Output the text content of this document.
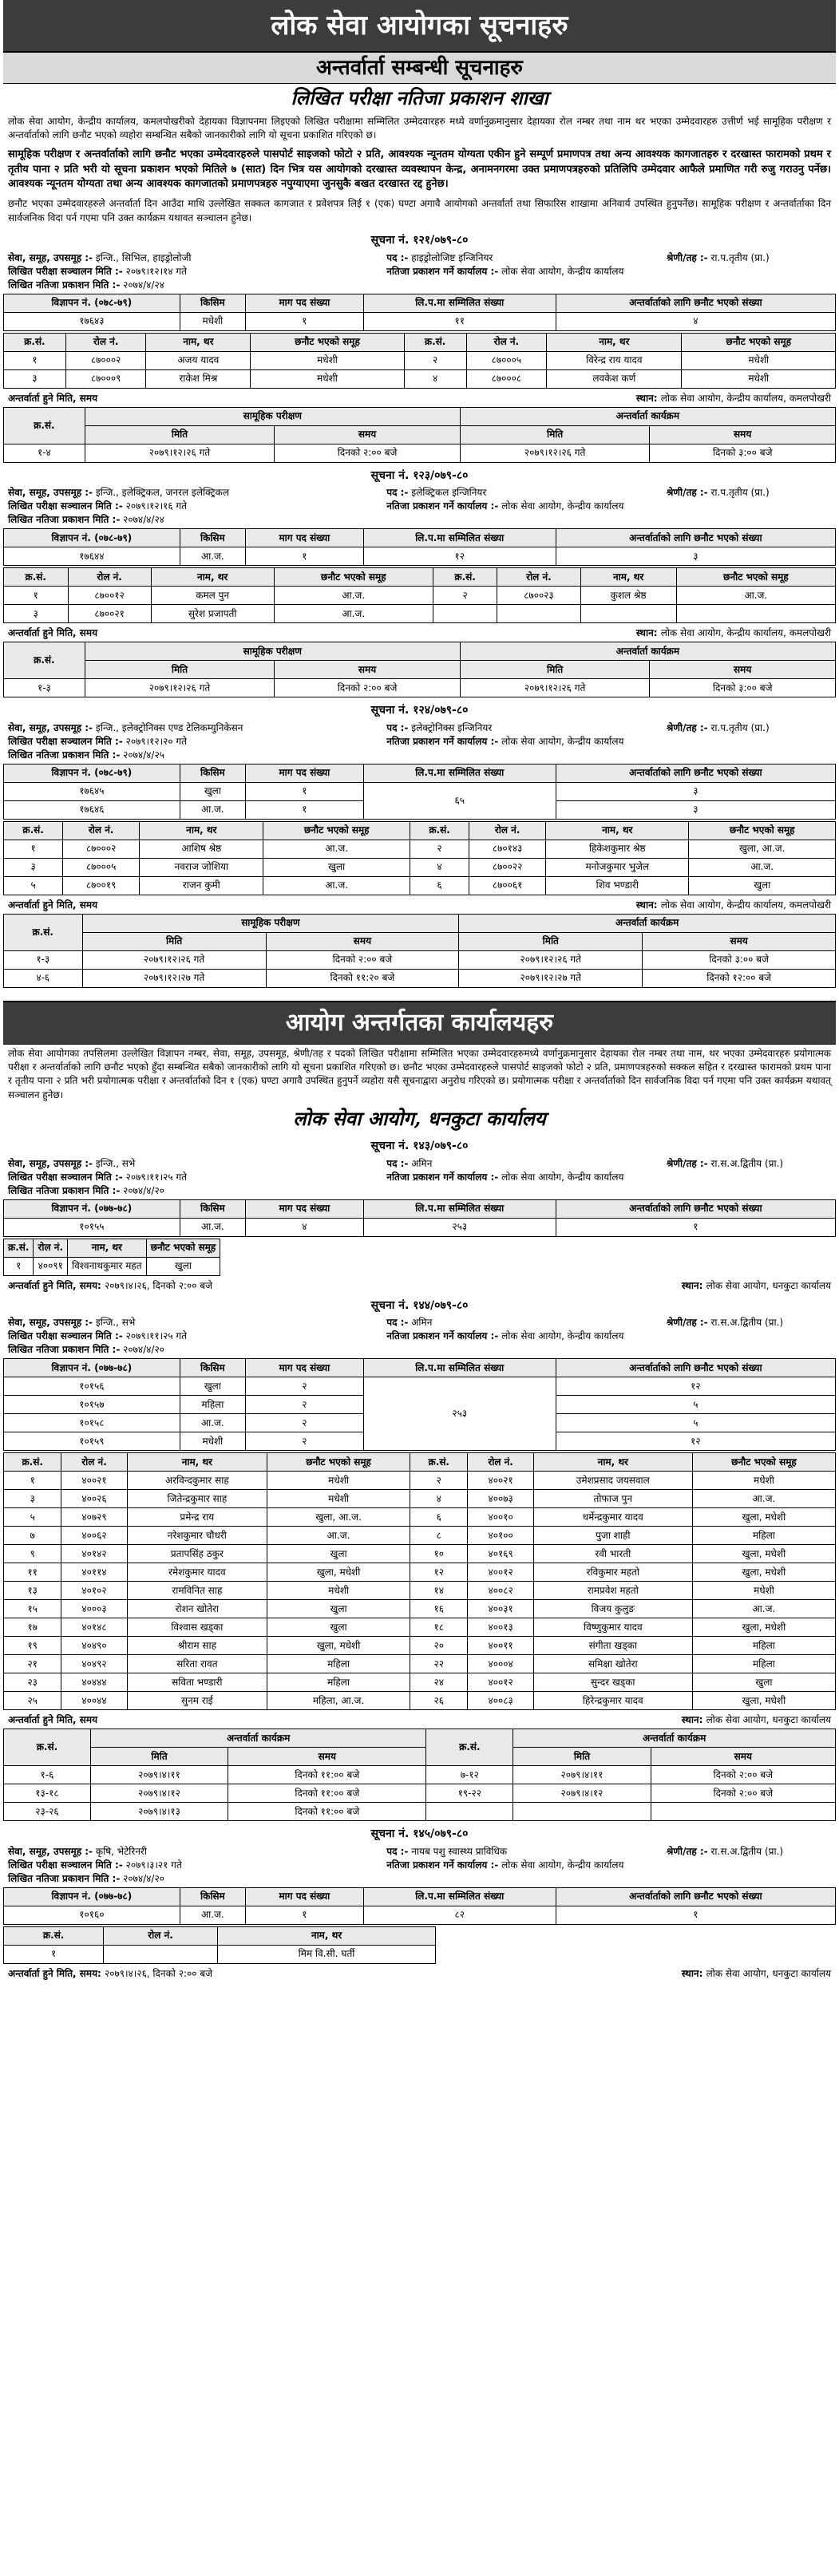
लोक सेवा आयोगका सूचनाहरु
अन्तर्वार्ता सम्बन्धी सूचनाहरु
लिखित परीक्षा नतिजा प्रकाशन शाखा
लोक सेवा आयोग, केन्द्रीय कार्यालय, कमलपोखरीको देहायका विज्ञापनमा लिइएको लिखित परीक्षामा सम्मिलित उम्मेदवारहरु मध्ये वर्णानुक्रमानुसार देहायका रोल नम्बर तथा नाम थर भएका उम्मेदवारहरु उत्तीर्ण भई सामूहिक परीक्षण र अन्तर्वार्ताको लागि छनौट भएको व्यहोरा सम्बन्धित सबैको जानकारीको लागि यो सूचना प्रकाशित गरिएको छ।
सामूहिक परीक्षण र अन्तर्वार्ताको लागि छनौट भएका उम्मेदवारहरुले पासपोर्ट साइजको फोटो २ प्रति, आवश्यक न्यूनतम योग्यता एकीन हुने सम्पूर्ण प्रमाणपत्र तथा अन्य आवश्यक कागजातहरु र दरखास्त फारामको प्रथम र तृतीय पाना २ प्रति भरी यो सूचना प्रकाशन भएको मितिले ७ (सात) दिन भित्र यस आयोगको दरखास्त व्यवस्थापन केन्द्र, अनामनगरमा उक्त प्रमाणपत्रहरुको प्रतिलिपि उम्मेदवार आफैले प्रमाणित गरी रुजु गराउनु पर्नेछ। आवश्यक न्यूनतम योग्यता तथा अन्य आवश्यक कागजातको प्रमाणपत्रहरु नपुग्याएमा जुनसुकै बखत दरखास्त रद्द हुनेछ।
छनौट भएका उम्मेदवारहरुले अन्तर्वार्ता दिन आउँदा माथि उल्लेखित सक्कल कागजात र प्रवेशपत्र लिई १ (एक) घण्टा अगावै आयोगको अन्तर्वार्ता तथा सिफारिस शाखामा अनिवार्य उपस्थित हुनुपर्नेछ। सामूहिक परीक्षण र अन्तर्वार्ताका दिन सार्वजनिक विदा पर्न गएमा पनि उक्त कार्यक्रम यथावत सञ्चालन हुनेछ।
सूचना नं. १२१/०७९-८०
सेवा, समूह, उपसमूह :- इन्जि., सिभिल, हाइड्रोलोजी	पद :- हाइड्रोलोजिष्ट इन्जिनियर	श्रेणी/तह :- रा.प.तृतीय (प्रा.)
लिखित परीक्षा सञ्चालन मिति :- २०७९।१२।१४ गते	नतिजा प्रकाशन गर्ने कार्यालय :- लोक सेवा आयोग, केन्द्रीय कार्यालय
लिखित नतिजा प्रकाशन मिति :- २०७४/४/२४
विज्ञापन नं. (०७८-७९)	किसिम	माग पद संख्या	लि.प.मा सम्मिलित संख्या	अन्तर्वार्ताको लागि छनौट भएको संख्या
१७६४३	मधेशी	१	११	४
क्र.सं.	रोल नं.	नाम, थर	छनौट भएको समूह	क्र.सं.	रोल नं.	नाम, थर	छनौट भएको समूह
१	८७०००२	अजय यादव	मधेशी	२	८७०००५	विरेन्द्र राय यादव	मधेशी
३	८७०००९	राकेश मिश्र	मधेशी	४	८७०००८	लवकेश कर्ण	मधेशी
अन्तर्वार्ता हुने मिति, समय	स्थान: लोक सेवा आयोग, केन्द्रीय कार्यालय, कमलपोखरी
क्र.सं.	सामूहिक परीक्षण		अन्तर्वार्ता कार्यक्रम	
	मिति	समय	मिति	समय
१-४	२०७९।१२।२६ गते	दिनको २:०० बजे	२०७९।१२।२६ गते	दिनको ३:०० बजे
सूचना नं. १२३/०७९-८०
सेवा, समूह, उपसमूह :- इन्जि., इलेक्ट्रिकल, जनरल इलेक्ट्रिकल	पद :- इलेक्ट्रिकल इन्जिनियर	श्रेणी/तह :- रा.प.तृतीय (प्रा.)
लिखित परीक्षा सञ्चालन मिति :- २०७९।१२।१६ गते	नतिजा प्रकाशन गर्ने कार्यालय :- लोक सेवा आयोग, केन्द्रीय कार्यालय
लिखित नतिजा प्रकाशन मिति :- २०७४/४/२४
विज्ञापन नं. (०७८-७९)	किसिम	माग पद संख्या	लि.प.मा सम्मिलित संख्या	अन्तर्वार्ताको लागि छनौट भएको संख्या
१७६४४	आ.ज.	१	१२	३
क्र.सं.	रोल नं.	नाम, थर	छनौट भएको समूह	क्र.सं.	रोल नं.	नाम, थर	छनौट भएको समूह
१	८७००१२	कमल पुन	आ.ज.	२	८७००२३	कुशल श्रेष्ठ	आ.ज.
३	८७००२१	सुरेश प्रजापती	आ.ज.				
अन्तर्वार्ता हुने मिति, समय	स्थान: लोक सेवा आयोग, केन्द्रीय कार्यालय, कमलपोखरी
क्र.सं.	सामूहिक परीक्षण		अन्तर्वार्ता कार्यक्रम	
	मिति	समय	मिति	समय
१-३	२०७९।१२।२६ गते	दिनको २:०० बजे	२०७९।१२।२६ गते	दिनको ३:०० बजे
सूचना नं. १२४/०७९-८०
सेवा, समूह, उपसमूह :- इन्जि., इलेक्ट्रोनिक्स एण्ड टेलिकम्युनिकेसन	पद :- इलेक्ट्रोनिक्स इन्जिनियर	श्रेणी/तह :- रा.प.तृतीय (प्रा.)
लिखित परीक्षा सञ्चालन मिति :- २०७९।१२।२० गते	नतिजा प्रकाशन गर्ने कार्यालय :- लोक सेवा आयोग, केन्द्रीय कार्यालय
लिखित नतिजा प्रकाशन मिति :- २०७४/४/२५
विज्ञापन नं. (०७८-७९)	किसिम	माग पद संख्या	लि.प.मा सम्मिलित संख्या	अन्तर्वार्ताको लागि छनौट भएको संख्या
१७६४५	खुला	१	६५	३
१७६४६	आ.ज.	१		३
क्र.सं.	रोल नं.	नाम, थर	छनौट भएको समूह	क्र.सं.	रोल नं.	नाम, थर	छनौट भएको समूह
१	८७०००२	आशिष श्रेष्ठ	आ.ज.	२	८७०१४३	हिकेशकुमार श्रेष्ठ	खुला, आ.ज.
३	८७०००५	नवराज जोशिया	खुला	४	८७००२२	मनोजकुमार भुजेल	आ.ज.
५	८७००१९	राजन कुमी	आ.ज.	६	८७००६१	शिव भण्डारी	खुला
अन्तर्वार्ता हुने मिति, समय	स्थान: लोक सेवा आयोग, केन्द्रीय कार्यालय, कमलपोखरी
क्र.सं.	सामूहिक परीक्षण		अन्तर्वार्ता कार्यक्रम	
	मिति	समय	मिति	समय
१-३	२०७९।१२।२६ गते	दिनको २:०० बजे	२०७९।१२।२६ गते	दिनको ३:०० बजे
४-६	२०७९।१२।२७ गते	दिनको ११:२० बजे	२०७९।१२।२७ गते	दिनको १२:०० बजे
आयोग अन्तर्गतका कार्यालयहरु
लोक सेवा आयोगका तपसिलमा उल्लेखित विज्ञापन नम्बर, सेवा, समूह, उपसमूह, श्रेणी/तह र पदको लिखित परीक्षामा सम्मिलित भएका उम्मेदवारहरुमध्ये वर्णानुक्रमानुसार देहायका रोल नम्बर तथा नाम, थर भएका उम्मेदवारहरु प्रयोगात्मक परीक्षा र अन्तर्वार्ताको लागि छनौट भएको हुँदा सम्बन्धित सबैको जानकारीको लागि यो सूचना प्रकाशित गरिएको छ। छनौट भएका उम्मेदवारहरुले पासपोर्ट साइजको फोटो २ प्रति, प्रमाणपत्रहरुको सक्कल सहित र दरखास्त फारामको प्रथम पाना र तृतीय पाना २ प्रति भरी प्रयोगात्मक परीक्षा र अन्तर्वार्ताको दिन १ (एक) घण्टा अगावै उपस्थित हुनुपर्ने व्यहोरा यसै सूचनाद्वारा अनुरोध गरिएको छ। प्रयोगात्मक परीक्षा र अन्तर्वार्ताको दिन सार्वजनिक विदा पर्न गएमा पनि उक्त कार्यक्रम यथावत् सञ्चालन हुनेछ।
लोक सेवा आयोग, धनकुटा कार्यालय
सूचना नं. १४३/०७९-८०
सेवा, समूह, उपसमूह :- इन्जि., सभे	पद :- अमिन	श्रेणी/तह :- रा.स.अ.द्वितीय (प्रा.)
लिखित परीक्षा सञ्चालन मिति :- २०७९।११।२५ गते	नतिजा प्रकाशन गर्ने कार्यालय :- लोक सेवा आयोग, केन्द्रीय कार्यालय
लिखित नतिजा प्रकाशन मिति :- २०७४/४/२०
विज्ञापन नं. (०७७-७८)	किसिम	माग पद संख्या	लि.प.मा सम्मिलित संख्या	अन्तर्वार्ताको लागि छनौट भएको संख्या
१०१५५	आ.ज.	४	२५३	१
क्र.सं.	रोल नं.	नाम, थर	छनौट भएको समूह
१	४००९१	विश्वनाथकुमार महत	खुला
अन्तर्वार्ता हुने मिति, समय: २०७९।४।२६, दिनको २:०० बजे	स्थान: लोक सेवा आयोग, धनकुटा कार्यालय
सूचना नं. १४४/०७९-८०
सेवा, समूह, उपसमूह :- इन्जि., सभे	पद :- अमिन	श्रेणी/तह :- रा.स.अ.द्वितीय (प्रा.)
लिखित परीक्षा सञ्चालन मिति :- २०७९।११।२५ गते	नतिजा प्रकाशन गर्ने कार्यालय :- लोक सेवा आयोग, केन्द्रीय कार्यालय
लिखित नतिजा प्रकाशन मिति :- २०७४/४/२०
विज्ञापन नं. (०७७-७८)	किसिम	माग पद संख्या	लि.प.मा सम्मिलित संख्या	अन्तर्वार्ताको लागि छनौट भएको संख्या
१०१५६	खुला	२	२५३	१२
१०१५७	महिला	२		५
१०१५८	आ.ज.	२		५
१०१५९	मधेशी	२		१२
क्र.सं.	रोल नं.	नाम, थर	छनौट भएको समूह	क्र.सं.	रोल नं.	नाम, थर	छनौट भएको समूह
१	४००२१	अरविन्दकुमार साह	मधेशी	२	४००२१	उमेशप्रसाद जयसवाल	मधेशी
३	४००२६	जितेन्द्रकुमार साह	मधेशी	४	४००७३	तोफाज पुन	आ.ज.
५	४०७२९	प्रमेन्द्र राय	खुला, आ.ज.	६	४००१०	धर्मेन्द्रकुमार यादव	खुला, मधेशी
७	४००६२	नरेशकुमार चौधरी	आ.ज.	८	४०१००	पुजा शाही	महिला
९	४०१४२	प्रतापसिंह ठकुर	खुला	१०	४०१६९	रवी भारती	खुला, मधेशी
११	४०११४	रमेशकुमार यादव	खुला, मधेशी	१२	४००१२	रविकुमार महतो	खुला, मधेशी
१३	४०१०२	रामविनित साह	मधेशी	१४	४००८२	रामप्रवेश महतो	मधेशी
१५	४०००३	रोशन खोतेरा	खुला	१६	४००३१	विजय कुलुङ	आ.ज.
१७	४०१४८	विश्वास खड्का	खुला	१८	४००१३	विष्णुकुमार यादव	खुला, मधेशी
१९	४०४९०	श्रीराम साह	खुला, मधेशी	२०	४००११	संगीता खड्का	महिला
२१	४०४९२	सरिता रावत	महिला	२२	४०००४	समिक्षा खोतेरा	महिला
२३	४०४४४	सविता भण्डारी	महिला	२४	४००१२	सुन्दर खड्का	खुला
२५	४००४४	सुनम राई	महिला, आ.ज.	२६	४००८३	हिरेन्द्रकुमार यादव	खुला, मधेशी
अन्तर्वार्ता हुने मिति, समय	स्थान: लोक सेवा आयोग, धनकुटा कार्यालय
क्र.सं.	अन्तर्वार्ता कार्यक्रम		क्र.सं.	अन्तर्वार्ता कार्यक्रम	
	मिति	समय		मिति	समय
१-६	२०७९।४।११	दिनको ११:०० बजे	७-१२	२०७९।४।११	दिनको २:०० बजे
१३-१८	२०७९।४।१२	दिनको ११:०० बजे	१९-२२	२०७९।४।१२	दिनको २:०० बजे
२३-२६	२०७९।४।१३	दिनको ११:०० बजे			
सूचना नं. १४५/०७९-८०
सेवा, समूह, उपसमूह :- कृषि, भेटेरिनरी	पद :- नायब पशु स्वास्थ्य प्राविधिक	श्रेणी/तह :- रा.स.अ.द्वितीय (प्रा.)
लिखित परीक्षा सञ्चालन मिति :- २०७९।३।२१ गते	नतिजा प्रकाशन गर्ने कार्यालय :- लोक सेवा आयोग, केन्द्रीय कार्यालय
लिखित नतिजा प्रकाशन मिति :- २०७४/४/२०
विज्ञापन नं. (०७७-७८)	किसिम	माग पद संख्या	लि.प.मा सम्मिलित संख्या	अन्तर्वार्ताको लागि छनौट भएको संख्या
१०१६०	आ.ज.	१	८२	१
क्र.सं.	रोल नं.	नाम, थर
१		मिम वि.सी. घर्ती
अन्तर्वार्ता हुने मिति, समय: २०७९।४।२६, दिनको २:०० बजे	स्थान: लोक सेवा आयोग, धनकुटा कार्यालय
